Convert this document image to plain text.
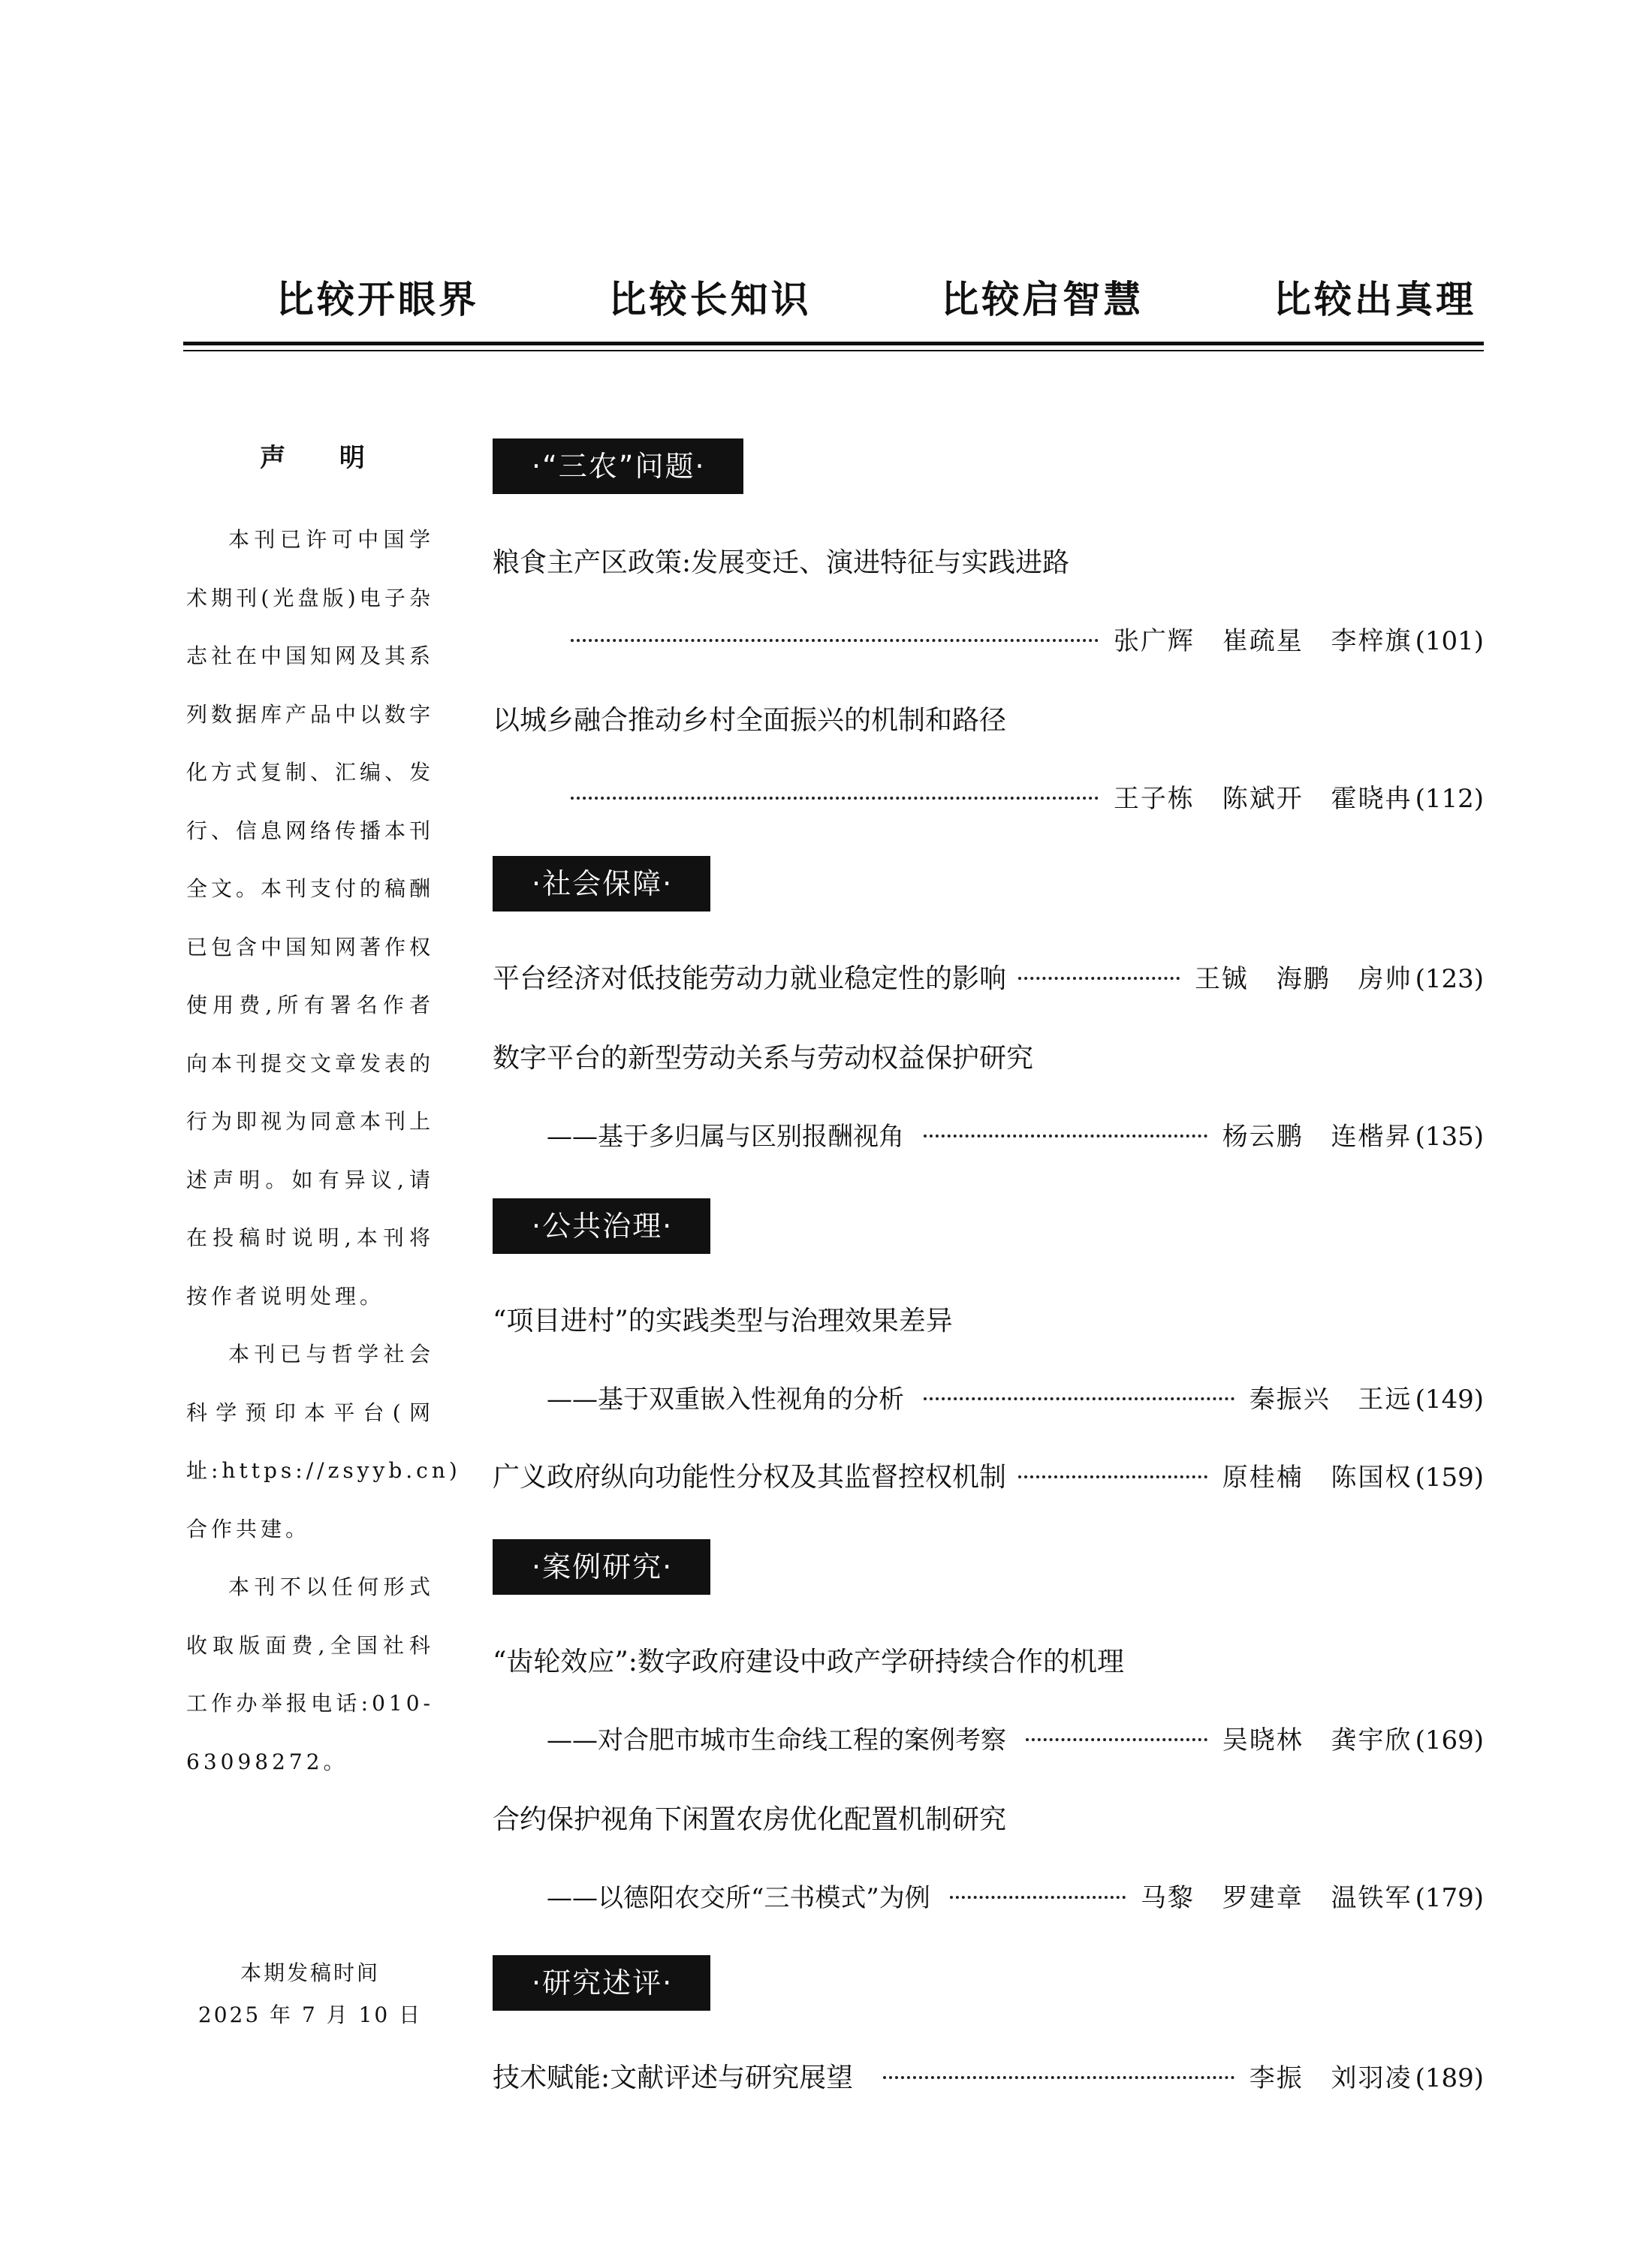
比较开眼界	比较长知识	比较启智慧	比较出真理
声 明

本刊已许可中国学术期刊(光盘版)电子杂志社在中国知网及其系列数据库产品中以数字化方式复制、汇编、发行、信息网络传播本刊全文。本刊支付的稿酬已包含中国知网著作权使用费,所有署名作者向本刊提交文章发表的行为即视为同意本刊上述声明。如有异议,请在投稿时说明,本刊将按作者说明处理。

本刊已与哲学社会科学预印本平台(网址:https://zsyyb.cn)合作共建。

本刊不以任何形式收取版面费,全国社科工作办举报电话:010-63098272。

本期发稿时间
2025 年 7 月 10 日
·“三农”问题·
粮食主产区政策:发展变迁、演进特征与实践进路
张广辉 崔疏星 李梓旗 (101)
以城乡融合推动乡村全面振兴的机制和路径
王子栋 陈斌开 霍晓冉 (112)
·社会保障·
平台经济对低技能劳动力就业稳定性的影响	王铖 海鹏 房帅 (123)
数字平台的新型劳动关系与劳动权益保护研究
——基于多归属与区别报酬视角	杨云鹏 连楷昇 (135)
·公共治理·
“项目进村”的实践类型与治理效果差异
——基于双重嵌入性视角的分析	秦振兴 王远 (149)
广义政府纵向功能性分权及其监督控权机制	原桂楠 陈国权 (159)
·案例研究·
“齿轮效应”:数字政府建设中政产学研持续合作的机理
——对合肥市城市生命线工程的案例考察	吴晓林 龚宇欣 (169)
合约保护视角下闲置农房优化配置机制研究
——以德阳农交所“三书模式”为例	马黎 罗建章 温铁军 (179)
·研究述评·
技术赋能:文献评述与研究展望	李振 刘羽凌 (189)
